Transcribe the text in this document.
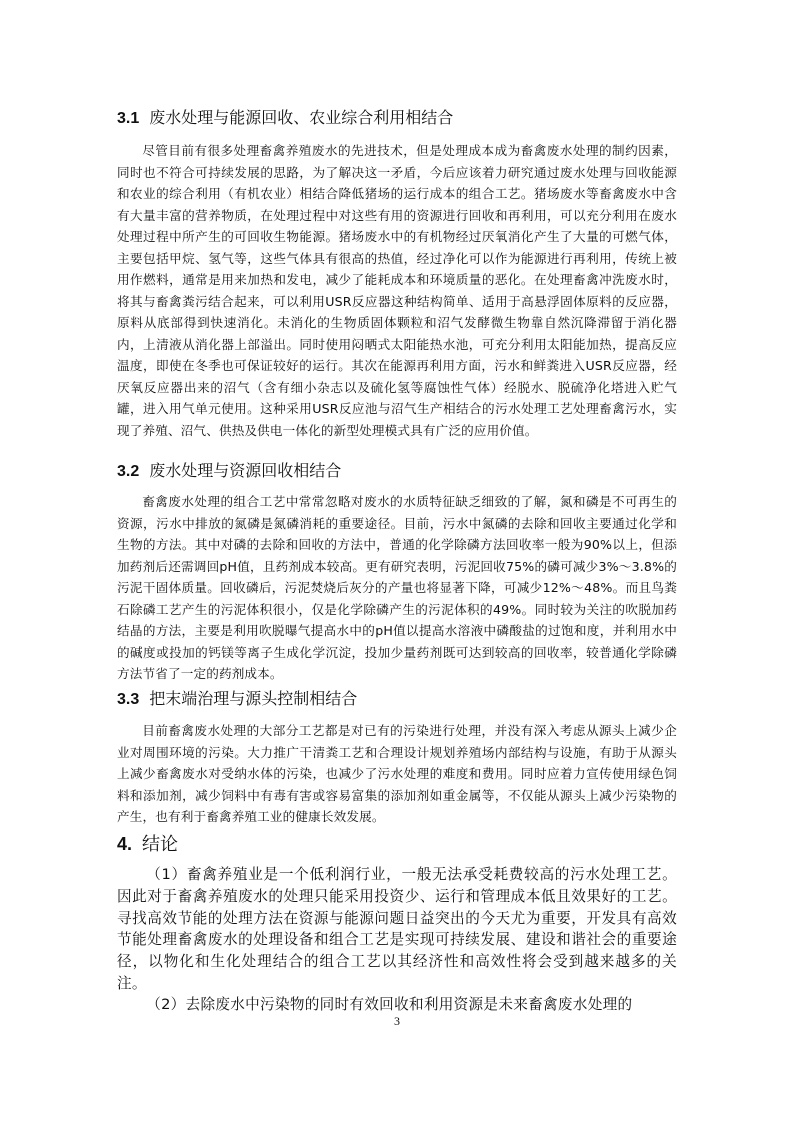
3.1 废水处理与能源回收、农业综合利用相结合

尽管目前有很多处理畜禽养殖废水的先进技术，但是处理成本成为畜禽废水处理的制约因素，同时也不符合可持续发展的思路，为了解决这一矛盾，今后应该着力研究通过废水处理与回收能源和农业的综合利用（有机农业）相结合降低猪场的运行成本的组合工艺。猪场废水等畜禽废水中含有大量丰富的营养物质，在处理过程中对这些有用的资源进行回收和再利用，可以充分利用在废水处理过程中所产生的可回收生物能源。猪场废水中的有机物经过厌氧消化产生了大量的可燃气体，主要包括甲烷、氢气等，这些气体具有很高的热值，经过净化可以作为能源进行再利用，传统上被用作燃料，通常是用来加热和发电，减少了能耗成本和环境质量的恶化。在处理畜禽冲洗废水时，将其与畜禽粪污结合起来，可以利用USR反应器这种结构简单、适用于高悬浮固体原料的反应器，原料从底部得到快速消化。未消化的生物质固体颗粒和沼气发酵微生物靠自然沉降滞留于消化器内，上清液从消化器上部溢出。同时使用闷晒式太阳能热水池，可充分利用太阳能加热，提高反应温度，即使在冬季也可保证较好的运行。其次在能源再利用方面，污水和鲜粪进入USR反应器，经厌氧反应器出来的沼气（含有细小杂志以及硫化氢等腐蚀性气体）经脱水、脱硫净化塔进入贮气罐，进入用气单元使用。这种采用USR反应池与沼气生产相结合的污水处理工艺处理畜禽污水，实现了养殖、沼气、供热及供电一体化的新型处理模式具有广泛的应用价值。

3.2 废水处理与资源回收相结合

畜禽废水处理的组合工艺中常常忽略对废水的水质特征缺乏细致的了解，氮和磷是不可再生的资源，污水中排放的氮磷是氮磷消耗的重要途径。目前，污水中氮磷的去除和回收主要通过化学和生物的方法。其中对磷的去除和回收的方法中，普通的化学除磷方法回收率一般为90%以上，但添加药剂后还需调回pH值，且药剂成本较高。更有研究表明，污泥回收75%的磷可减少3%～3.8%的污泥干固体质量。回收磷后，污泥焚烧后灰分的产量也将显著下降，可减少12%～48%。而且鸟粪石除磷工艺产生的污泥体积很小，仅是化学除磷产生的污泥体积的49%。同时较为关注的吹脱加药结晶的方法，主要是利用吹脱曝气提高水中的pH值以提高水溶液中磷酸盐的过饱和度，并利用水中的碱度或投加的钙镁等离子生成化学沉淀，投加少量药剂既可达到较高的回收率，较普通化学除磷方法节省了一定的药剂成本。

3.3 把末端治理与源头控制相结合

目前畜禽废水处理的大部分工艺都是对已有的污染进行处理，并没有深入考虑从源头上减少企业对周围环境的污染。大力推广干清粪工艺和合理设计规划养殖场内部结构与设施，有助于从源头上减少畜禽废水对受纳水体的污染，也减少了污水处理的难度和费用。同时应着力宣传使用绿色饲料和添加剂，减少饲料中有毒有害或容易富集的添加剂如重金属等，不仅能从源头上减少污染物的产生，也有利于畜禽养殖工业的健康长效发展。

4. 结论

（1）畜禽养殖业是一个低利润行业，一般无法承受耗费较高的污水处理工艺。因此对于畜禽养殖废水的处理只能采用投资少、运行和管理成本低且效果好的工艺。寻找高效节能的处理方法在资源与能源问题日益突出的今天尤为重要，开发具有高效节能处理畜禽废水的处理设备和组合工艺是实现可持续发展、建设和谐社会的重要途径，以物化和生化处理结合的组合工艺以其经济性和高效性将会受到越来越多的关注。

（2）去除废水中污染物的同时有效回收和利用资源是未来畜禽废水处理的

3
